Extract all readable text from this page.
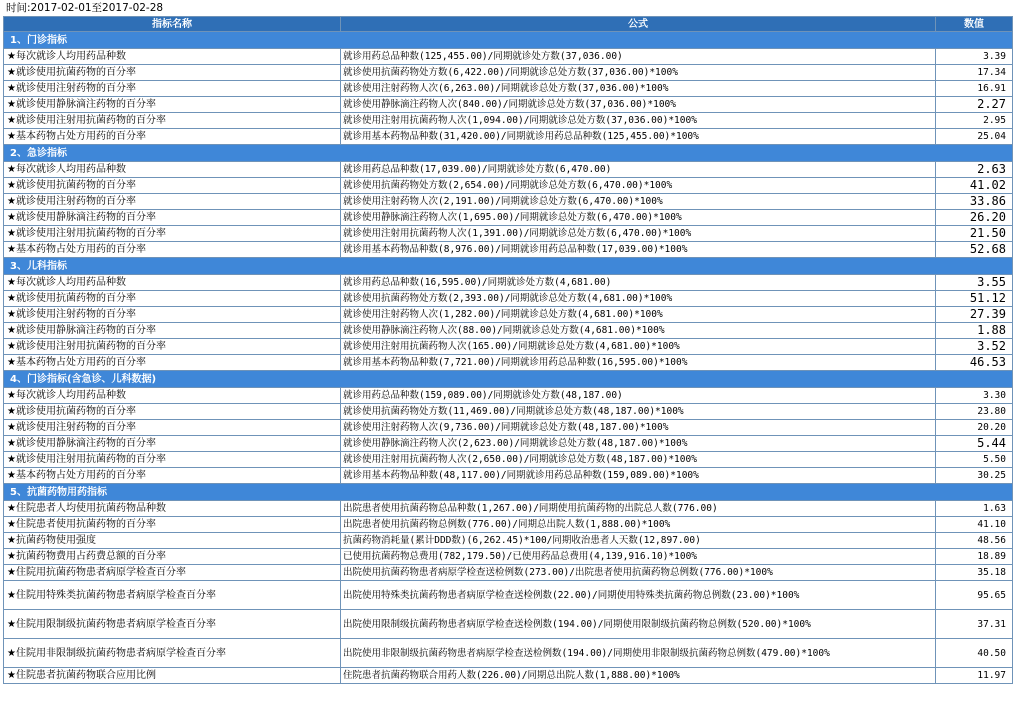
时间:2017-02-01至2017-02-28
指标名称	公式	数值
1、门诊指标		
★每次就诊人均用药品种数	就诊用药总品种数(125,455.00)/同期就诊处方数(37,036.00)	3.39
★就诊使用抗菌药物的百分率	就诊使用抗菌药物处方数(6,422.00)/同期就诊总处方数(37,036.00)*100%	17.34
★就诊使用注射药物的百分率	就诊使用注射药物人次(6,263.00)/同期就诊总处方数(37,036.00)*100%	16.91
★就诊使用静脉滴注药物的百分率	就诊使用静脉滴注药物人次(840.00)/同期就诊总处方数(37,036.00)*100%	2.27
★就诊使用注射用抗菌药物的百分率	就诊使用注射用抗菌药物人次(1,094.00)/同期就诊总处方数(37,036.00)*100%	2.95
★基本药物占处方用药的百分率	就诊用基本药物品种数(31,420.00)/同期就诊用药总品种数(125,455.00)*100%	25.04
2、急诊指标		
★每次就诊人均用药品种数	就诊用药总品种数(17,039.00)/同期就诊处方数(6,470.00)	2.63
★就诊使用抗菌药物的百分率	就诊使用抗菌药物处方数(2,654.00)/同期就诊总处方数(6,470.00)*100%	41.02
★就诊使用注射药物的百分率	就诊使用注射药物人次(2,191.00)/同期就诊总处方数(6,470.00)*100%	33.86
★就诊使用静脉滴注药物的百分率	就诊使用静脉滴注药物人次(1,695.00)/同期就诊总处方数(6,470.00)*100%	26.20
★就诊使用注射用抗菌药物的百分率	就诊使用注射用抗菌药物人次(1,391.00)/同期就诊总处方数(6,470.00)*100%	21.50
★基本药物占处方用药的百分率	就诊用基本药物品种数(8,976.00)/同期就诊用药总品种数(17,039.00)*100%	52.68
3、儿科指标		
★每次就诊人均用药品种数	就诊用药总品种数(16,595.00)/同期就诊处方数(4,681.00)	3.55
★就诊使用抗菌药物的百分率	就诊使用抗菌药物处方数(2,393.00)/同期就诊总处方数(4,681.00)*100%	51.12
★就诊使用注射药物的百分率	就诊使用注射药物人次(1,282.00)/同期就诊总处方数(4,681.00)*100%	27.39
★就诊使用静脉滴注药物的百分率	就诊使用静脉滴注药物人次(88.00)/同期就诊总处方数(4,681.00)*100%	1.88
★就诊使用注射用抗菌药物的百分率	就诊使用注射用抗菌药物人次(165.00)/同期就诊总处方数(4,681.00)*100%	3.52
★基本药物占处方用药的百分率	就诊用基本药物品种数(7,721.00)/同期就诊用药总品种数(16,595.00)*100%	46.53
4、门诊指标(含急诊、儿科数据)		
★每次就诊人均用药品种数	就诊用药总品种数(159,089.00)/同期就诊处方数(48,187.00)	3.30
★就诊使用抗菌药物的百分率	就诊使用抗菌药物处方数(11,469.00)/同期就诊总处方数(48,187.00)*100%	23.80
★就诊使用注射药物的百分率	就诊使用注射药物人次(9,736.00)/同期就诊总处方数(48,187.00)*100%	20.20
★就诊使用静脉滴注药物的百分率	就诊使用静脉滴注药物人次(2,623.00)/同期就诊总处方数(48,187.00)*100%	5.44
★就诊使用注射用抗菌药物的百分率	就诊使用注射用抗菌药物人次(2,650.00)/同期就诊总处方数(48,187.00)*100%	5.50
★基本药物占处方用药的百分率	就诊用基本药物品种数(48,117.00)/同期就诊用药总品种数(159,089.00)*100%	30.25
5、抗菌药物用药指标		
★住院患者人均使用抗菌药物品种数	出院患者使用抗菌药物总品种数(1,267.00)/同期使用抗菌药物的出院总人数(776.00)	1.63
★住院患者使用抗菌药物的百分率	出院患者使用抗菌药物总例数(776.00)/同期总出院人数(1,888.00)*100%	41.10
★抗菌药物使用强度	抗菌药物消耗量(累计DDD数)(6,262.45)*100/同期收治患者人天数(12,897.00)	48.56
★抗菌药物费用占药费总额的百分率	已使用抗菌药物总费用(782,179.50)/已使用药品总费用(4,139,916.10)*100%	18.89
★住院用抗菌药物患者病原学检查百分率	出院使用抗菌药物患者病原学检查送检例数(273.00)/出院患者使用抗菌药物总例数(776.00)*100%	35.18
★住院用特殊类抗菌药物患者病原学检查百分率	出院使用特殊类抗菌药物患者病原学检查送检例数(22.00)/同期使用特殊类抗菌药物总例数(23.00)*100%	95.65
★住院用限制级抗菌药物患者病原学检查百分率	出院使用限制级抗菌药物患者病原学检查送检例数(194.00)/同期使用限制级抗菌药物总例数(520.00)*100%	37.31
★住院用非限制级抗菌药物患者病原学检查百分率	出院使用非限制级抗菌药物患者病原学检查送检例数(194.00)/同期使用非限制级抗菌药物总例数(479.00)*100%	40.50
★住院患者抗菌药物联合应用比例	住院患者抗菌药物联合用药人数(226.00)/同期总出院人数(1,888.00)*100%	11.97
